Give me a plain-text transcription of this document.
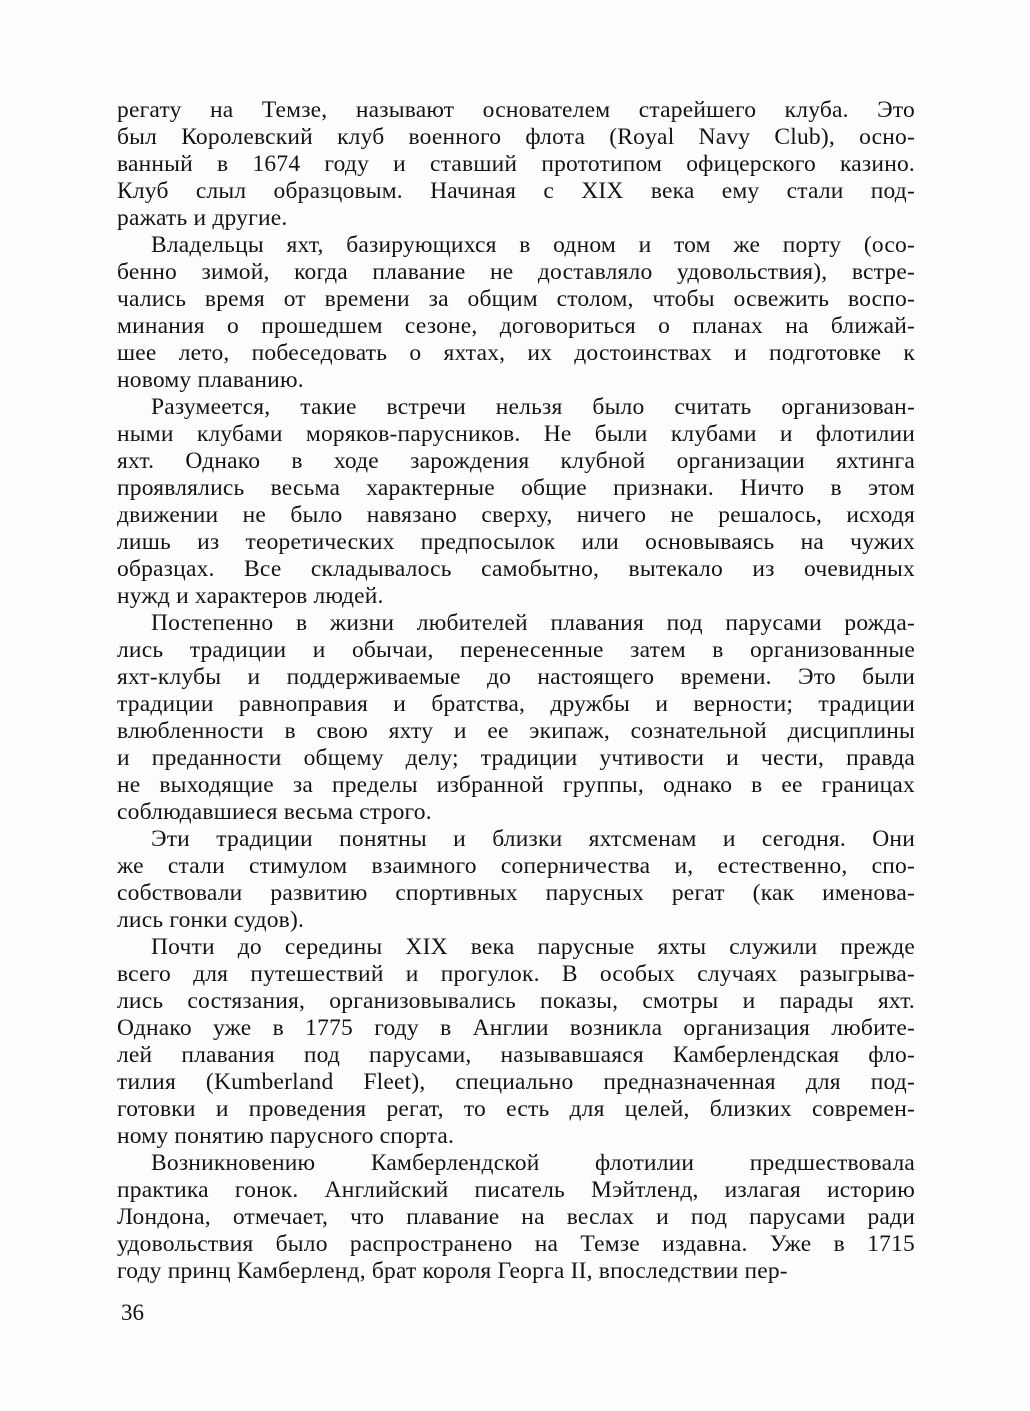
регату на Темзе, называют основателем старейшего клуба. Это
был Королевский клуб военного флота (Royal Navy Club), осно-
ванный в 1674 году и ставший прототипом офицерского казино.
Клуб слыл образцовым. Начиная с XIX века ему стали под-
ражать и другие.
Владельцы яхт, базирующихся в одном и том же порту (осо-
бенно зимой, когда плавание не доставляло удовольствия), встре-
чались время от времени за общим столом, чтобы освежить воспо-
минания о прошедшем сезоне, договориться о планах на ближай-
шее лето, побеседовать о яхтах, их достоинствах и подготовке к
новому плаванию.
Разумеется, такие встречи нельзя было считать организован-
ными клубами моряков-парусников. Не были клубами и флотилии
яхт. Однако в ходе зарождения клубной организации яхтинга
проявлялись весьма характерные общие признаки. Ничто в этом
движении не было навязано сверху, ничего не решалось, исходя
лишь из теоретических предпосылок или основываясь на чужих
образцах. Все складывалось самобытно, вытекало из очевидных
нужд и характеров людей.
Постепенно в жизни любителей плавания под парусами рожда-
лись традиции и обычаи, перенесенные затем в организованные
яхт-клубы и поддерживаемые до настоящего времени. Это были
традиции равноправия и братства, дружбы и верности; традиции
влюбленности в свою яхту и ее экипаж, сознательной дисциплины
и преданности общему делу; традиции учтивости и чести, правда
не выходящие за пределы избранной группы, однако в ее границах
соблюдавшиеся весьма строго.
Эти традиции понятны и близки яхтсменам и сегодня. Они
же стали стимулом взаимного соперничества и, естественно, спо-
собствовали развитию спортивных парусных регат (как именова-
лись гонки судов).
Почти до середины XIX века парусные яхты служили прежде
всего для путешествий и прогулок. В особых случаях разыгрыва-
лись состязания, организовывались показы, смотры и парады яхт.
Однако уже в 1775 году в Англии возникла организация любите-
лей плавания под парусами, называвшаяся Камберлендская фло-
тилия (Kumberland Fleet), специально предназначенная для под-
готовки и проведения регат, то есть для целей, близких современ-
ному понятию парусного спорта.
Возникновению Камберлендской флотилии предшествовала
практика гонок. Английский писатель Мэйтленд, излагая историю
Лондона, отмечает, что плавание на веслах и под парусами ради
удовольствия было распространено на Темзе издавна. Уже в 1715
году принц Камберленд, брат короля Георга II, впоследствии пер-
36
